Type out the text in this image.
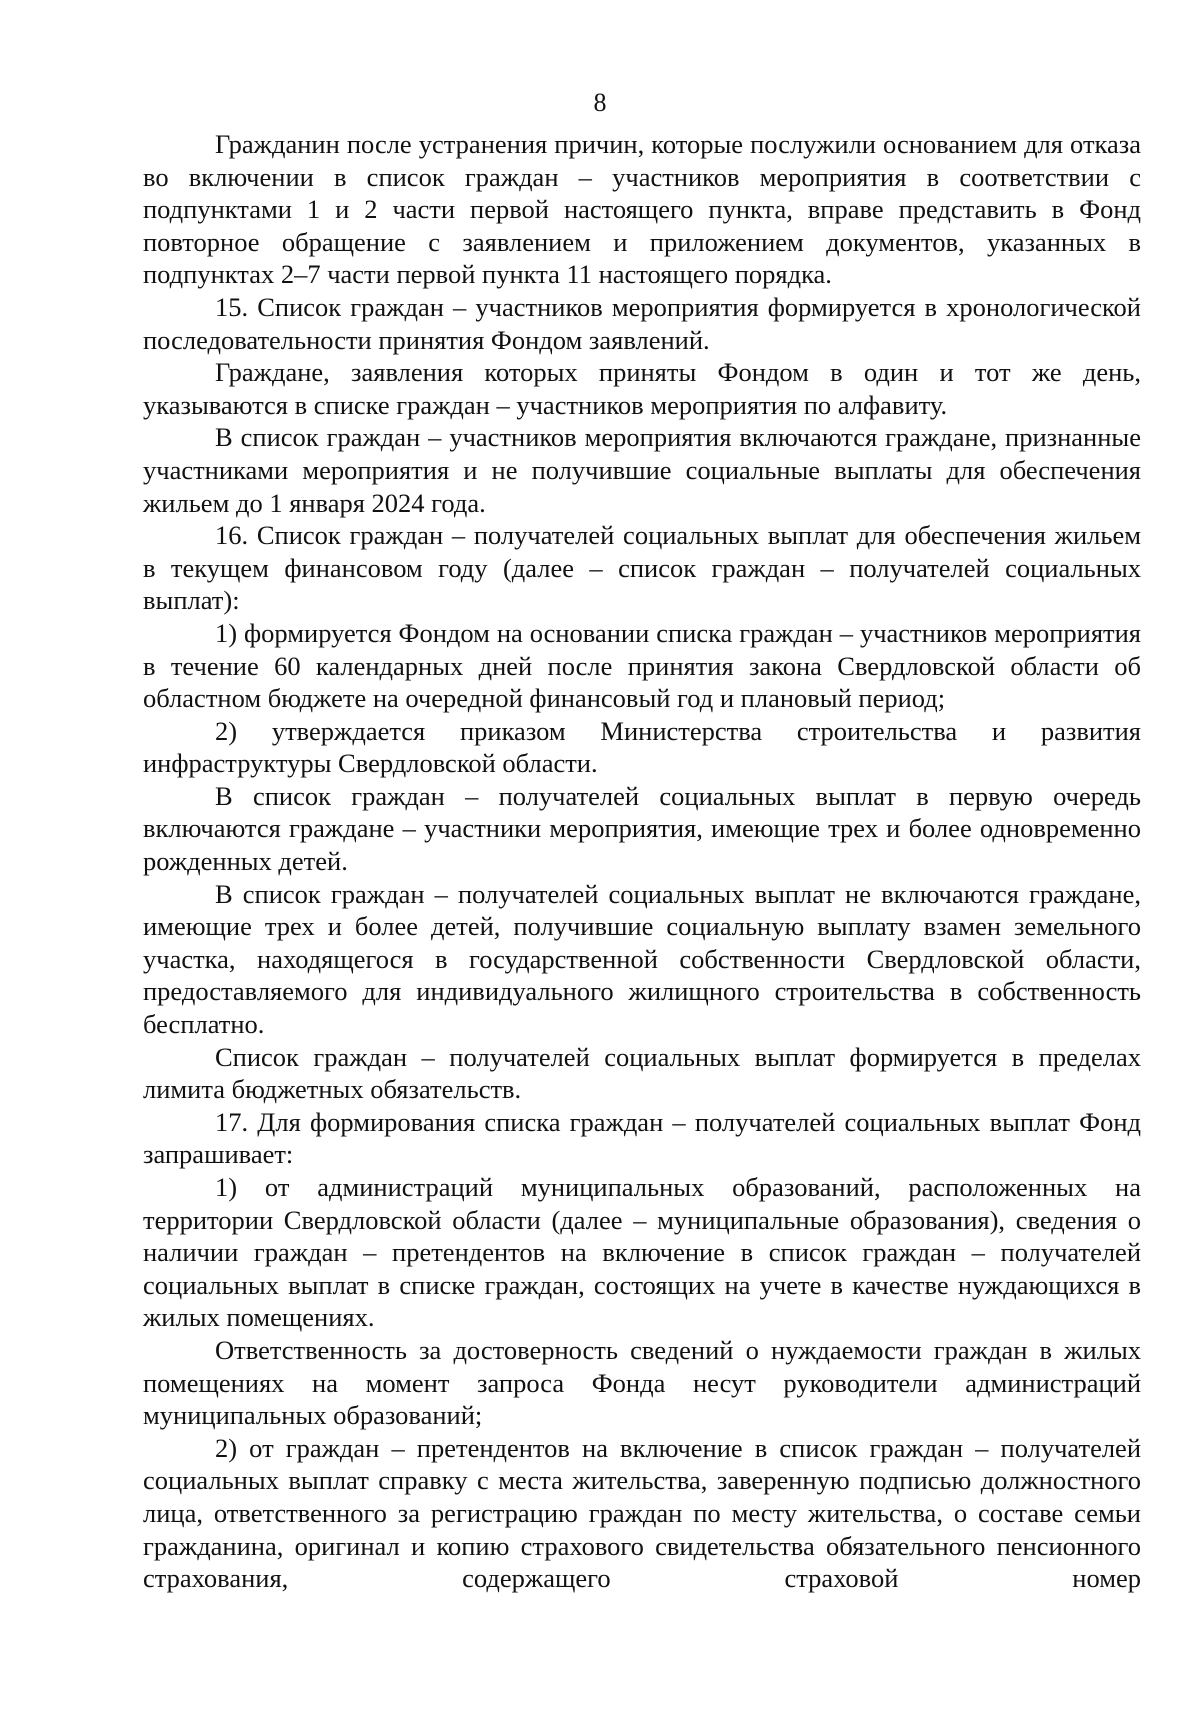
8

Гражданин после устранения причин, которые послужили основанием для отказа во включении в список граждан – участников мероприятия в соответствии с подпунктами 1 и 2 части первой настоящего пункта, вправе представить в Фонд повторное обращение с заявлением и приложением документов, указанных в подпунктах 2–7 части первой пункта 11 настоящего порядка.

15. Список граждан – участников мероприятия формируется в хронологической последовательности принятия Фондом заявлений.

Граждане, заявления которых приняты Фондом в один и тот же день, указываются в списке граждан – участников мероприятия по алфавиту.

В список граждан – участников мероприятия включаются граждане, признанные участниками мероприятия и не получившие социальные выплаты для обеспечения жильем до 1 января 2024 года.

16. Список граждан – получателей социальных выплат для обеспечения жильем в текущем финансовом году (далее – список граждан – получателей социальных выплат):

1) формируется Фондом на основании списка граждан – участников мероприятия в течение 60 календарных дней после принятия закона Свердловской области об областном бюджете на очередной финансовый год и плановый период;

2) утверждается приказом Министерства строительства и развития инфраструктуры Свердловской области.

В список граждан – получателей социальных выплат в первую очередь включаются граждане – участники мероприятия, имеющие трех и более одновременно рожденных детей.

В список граждан – получателей социальных выплат не включаются граждане, имеющие трех и более детей, получившие социальную выплату взамен земельного участка, находящегося в государственной собственности Свердловской области, предоставляемого для индивидуального жилищного строительства в собственность бесплатно.

Список граждан – получателей социальных выплат формируется в пределах лимита бюджетных обязательств.

17. Для формирования списка граждан – получателей социальных выплат Фонд запрашивает:

1) от администраций муниципальных образований, расположенных на территории Свердловской области (далее – муниципальные образования), сведения о наличии граждан – претендентов на включение в список граждан – получателей социальных выплат в списке граждан, состоящих на учете в качестве нуждающихся в жилых помещениях.

Ответственность за достоверность сведений о нуждаемости граждан в жилых помещениях на момент запроса Фонда несут руководители администраций муниципальных образований;

2) от граждан – претендентов на включение в список граждан – получателей социальных выплат справку с места жительства, заверенную подписью должностного лица, ответственного за регистрацию граждан по месту жительства, о составе семьи гражданина, оригинал и копию страхового свидетельства обязательного пенсионного страхования, содержащего страховой номер
